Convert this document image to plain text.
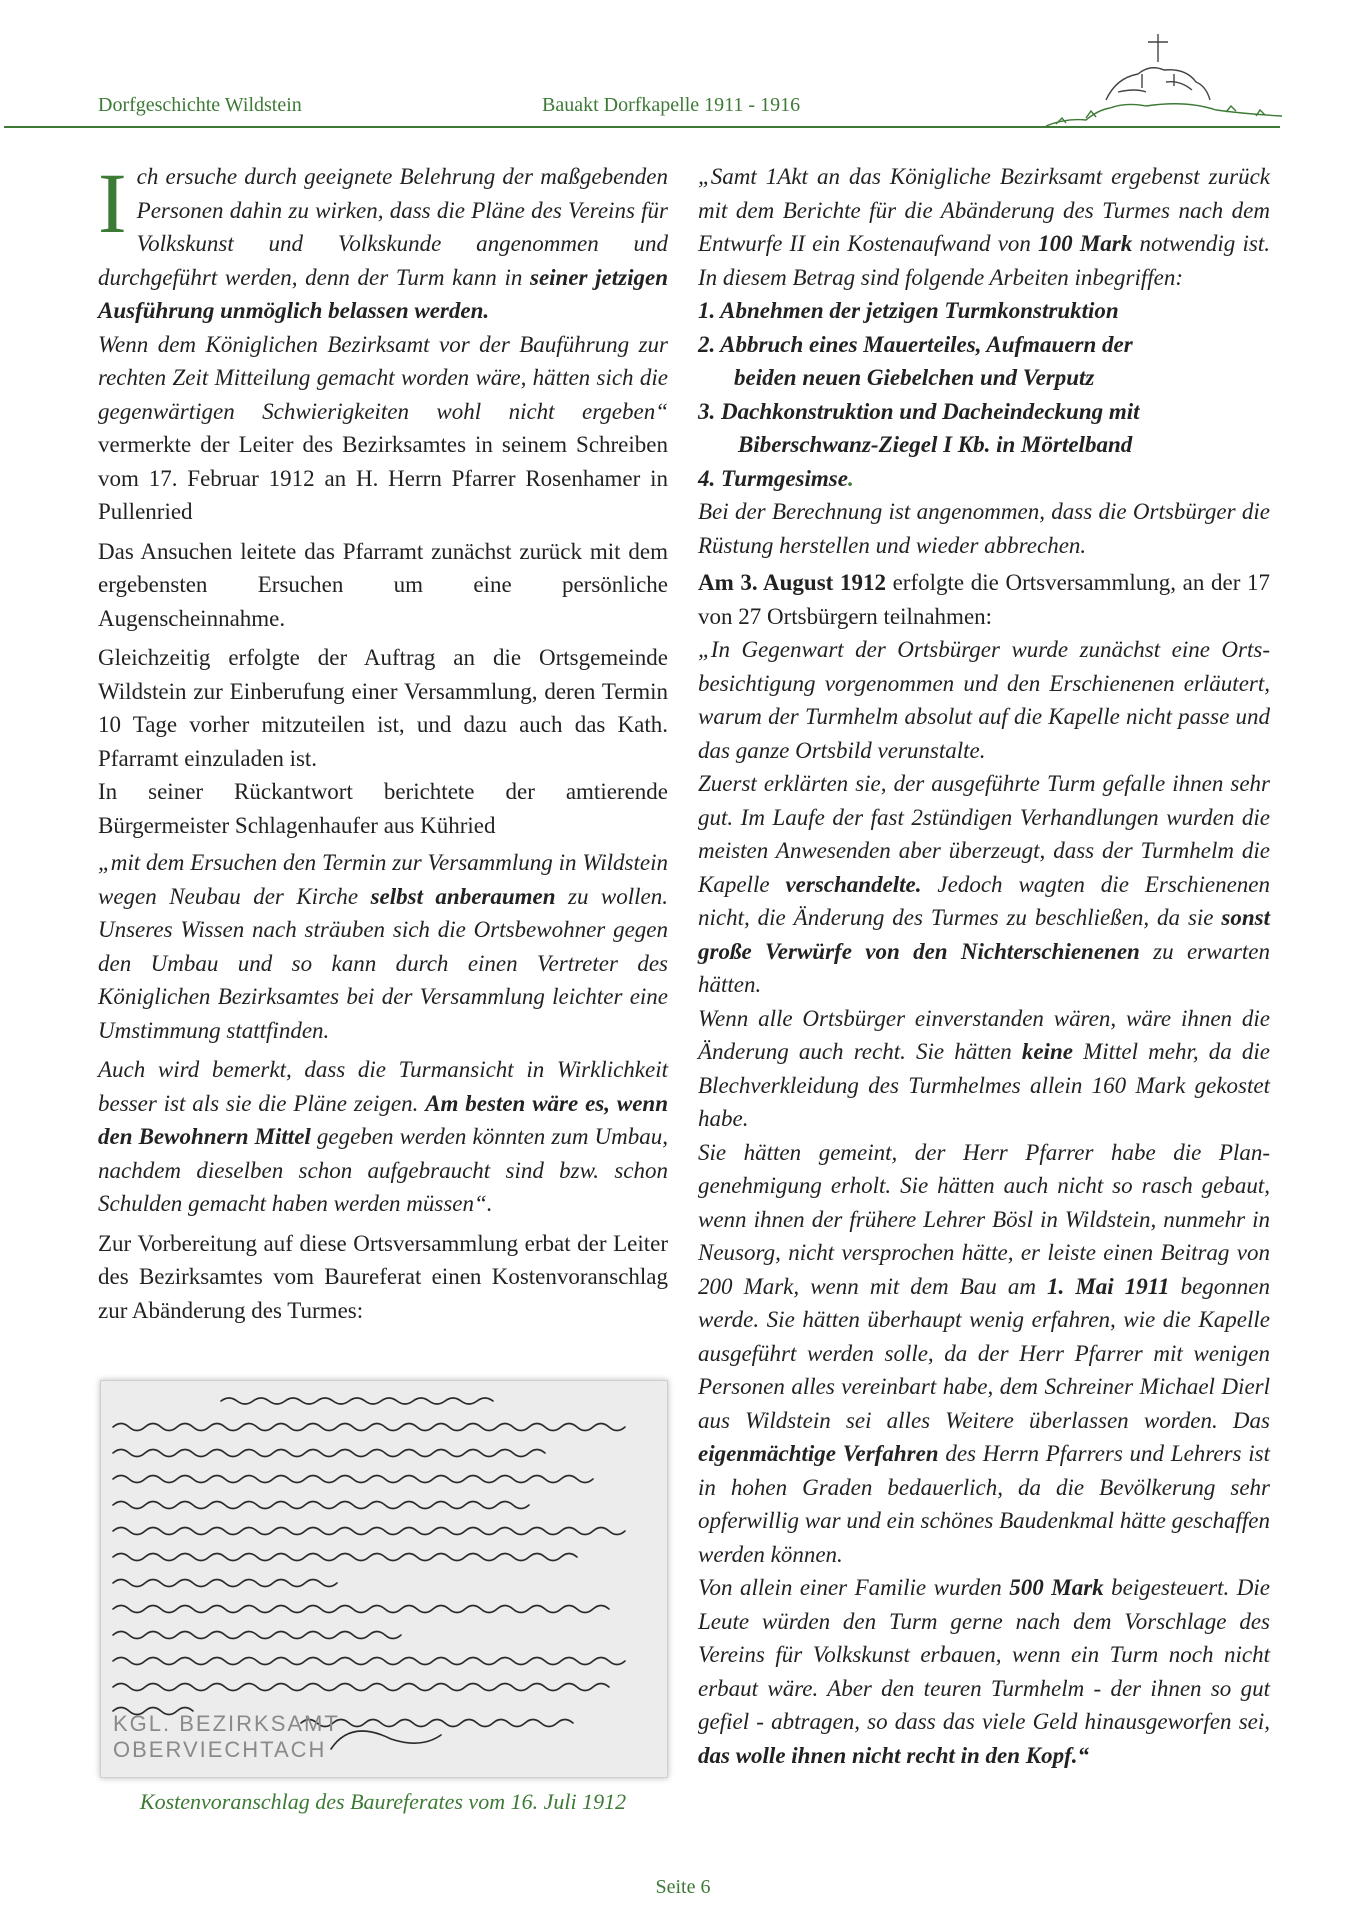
Dorfgeschichte Wildstein	Bauakt Dorfkapelle 1911 - 1916

Ich ersuche durch geeignete Belehrung der maßgebenden Personen dahin zu wirken, dass die Pläne des Vereins für Volkskunst und Volkskunde angenommen und durchgeführt werden, denn der Turm kann in seiner jetzigen Ausführung unmöglich belassen werden.

Wenn dem Königlichen Bezirksamt vor der Bauführung zur rechten Zeit Mitteilung gemacht worden wäre, hätten sich die gegenwärtigen Schwierigkeiten wohl nicht ergeben“ vermerkte der Leiter des Bezirksamtes in seinem Schreiben vom 17. Februar 1912 an H. Herrn Pfarrer Rosenhamer in Pullenried

Das Ansuchen leitete das Pfarramt zunächst zurück mit dem ergebensten Ersuchen um eine persönliche Augenscheinnahme.

Gleichzeitig erfolgte der Auftrag an die Ortsgemeinde Wildstein zur Einberufung einer Versammlung, deren Termin 10 Tage vorher mitzuteilen ist, und dazu auch das Kath. Pfarramt einzuladen ist.

In seiner Rückantwort berichtete der amtierende Bürgermeister Schlagenhaufer aus Kühried

„mit dem Ersuchen den Termin zur Versammlung in Wildstein wegen Neubau der Kirche selbst anberaumen zu wollen. Unseres Wissen nach sträuben sich die Ortsbewohner gegen den Umbau und so kann durch einen Vertreter des Königlichen Bezirksamtes bei der Versammlung leichter eine Umstimmung stattfinden.

Auch wird bemerkt, dass die Turmansicht in Wirklichkeit besser ist als sie die Pläne zeigen. Am besten wäre es, wenn den Bewohnern Mittel gegeben werden könnten zum Umbau, nachdem dieselben schon aufgebraucht sind bzw. schon Schulden gemacht haben werden müssen“.

Zur Vorbereitung auf diese Ortsversammlung erbat der Leiter des Bezirksamtes vom Baureferat einen Kostenvoranschlag zur Abänderung des Turmes:

KGL. BEZIRKSAMT
OBERVIECHTACH
Kostenvoranschlag des Baureferates vom 16. Juli 1912

„Samt 1Akt an das Königliche Bezirksamt ergebenst zurück mit dem Berichte für die Abänderung des Turmes nach dem Entwurfe II ein Kostenaufwand von 100 Mark notwendig ist. In diesem Betrag sind folgende Arbeiten inbegriffen:

1. Abnehmen der jetzigen Turmkonstruktion
2. Abbruch eines Mauerteiles, Aufmauern der
beiden neuen Giebelchen und Verputz
3. Dachkonstruktion und Dacheindeckung mit
Biberschwanz-Ziegel I Kb. in Mörtelband
4. Turmgesimse.

Bei der Berechnung ist angenommen, dass die Ortsbürger die Rüstung herstellen und wieder abbrechen.

Am 3. August 1912 erfolgte die Ortsversammlung, an der 17 von 27 Ortsbürgern teilnahmen:

„In Gegenwart der Ortsbürger wurde zunächst eine Ortsbesichtigung vorgenommen und den Erschienenen erläutert, warum der Turmhelm absolut auf die Kapelle nicht passe und das ganze Ortsbild verunstalte.

Zuerst erklärten sie, der ausgeführte Turm gefalle ihnen sehr gut. Im Laufe der fast 2stündigen Verhandlungen wurden die meisten Anwesenden aber überzeugt, dass der Turmhelm die Kapelle verschandelte. Jedoch wagten die Erschienenen nicht, die Änderung des Turmes zu beschließen, da sie sonst große Verwürfe von den Nichterschienenen zu erwarten hätten.

Wenn alle Ortsbürger einverstanden wären, wäre ihnen die Änderung auch recht. Sie hätten keine Mittel mehr, da die Blechverkleidung des Turmhelmes allein 160 Mark gekostet habe.

Sie hätten gemeint, der Herr Pfarrer habe die Plangenehmigung erholt. Sie hätten auch nicht so rasch gebaut, wenn ihnen der frühere Lehrer Bösl in Wildstein, nunmehr in Neusorg, nicht versprochen hätte, er leiste einen Beitrag von 200 Mark, wenn mit dem Bau am 1. Mai 1911 begonnen werde. Sie hätten überhaupt wenig erfahren, wie die Kapelle ausgeführt werden solle, da der Herr Pfarrer mit wenigen Personen alles vereinbart habe, dem Schreiner Michael Dierl aus Wildstein sei alles Weitere überlassen worden. Das eigenmächtige Verfahren des Herrn Pfarrers und Lehrers ist in hohen Graden bedauerlich, da die Bevölkerung sehr opferwillig war und ein schönes Baudenkmal hätte geschaffen werden können.

Von allein einer Familie wurden 500 Mark beigesteuert. Die Leute würden den Turm gerne nach dem Vorschlage des Vereins für Volkskunst erbauen, wenn ein Turm noch nicht erbaut wäre. Aber den teuren Turmhelm - der ihnen so gut gefiel - abtragen, so dass das viele Geld hinausgeworfen sei, das wolle ihnen nicht recht in den Kopf.“

Seite 6
